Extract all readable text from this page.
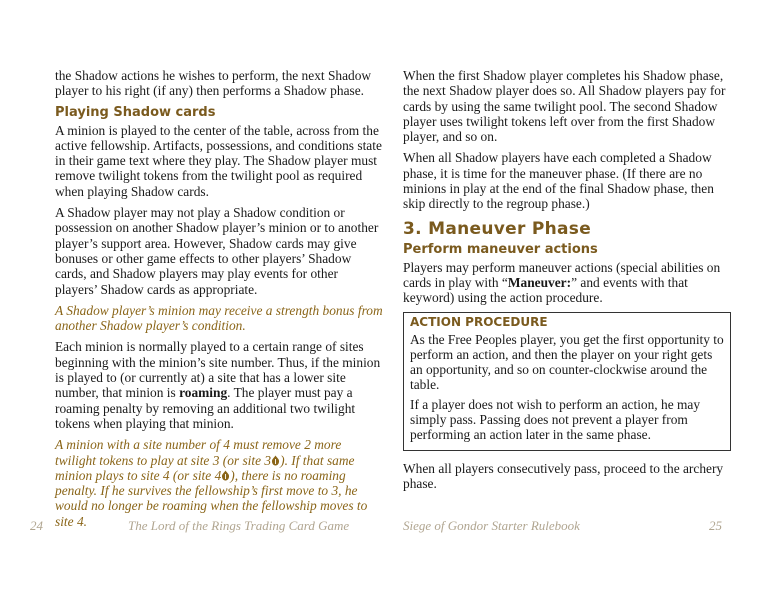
the Shadow actions he wishes to perform, the next Shadow player to his right (if any) then performs a Shadow phase.

Playing Shadow cards

A minion is played to the center of the table, across from the active fellowship. Artifacts, possessions, and conditions state in their game text where they play. The Shadow player must remove twilight tokens from the twilight pool as required when playing Shadow cards.

A Shadow player may not play a Shadow condition or possession on another Shadow player’s minion or to another player’s support area. However, Shadow cards may give bonuses or other game effects to other players’ Shadow cards, and Shadow players may play events for other players’ Shadow cards as appropriate.

A Shadow player’s minion may receive a strength bonus from another Shadow player’s condition.

Each minion is normally played to a certain range of sites beginning with the minion’s site number. Thus, if the minion is played to (or currently at) a site that has a lower site number, that minion is roaming. The player must pay a roaming penalty by removing an additional two twilight tokens when playing that minion.

A minion with a site number of 4 must remove 2 more twilight tokens to play at site 3 (or site 3 ). If that same minion plays to site 4 (or site 4 ), there is no roaming penalty. If he survives the fellowship’s first move to 3, he would no longer be roaming when the fellowship moves to site 4.

When the first Shadow player completes his Shadow phase, the next Shadow player does so. All Shadow players pay for cards by using the same twilight pool. The second Shadow player uses twilight tokens left over from the first Shadow player, and so on.

When all Shadow players have each completed a Shadow phase, it is time for the maneuver phase. (If there are no minions in play at the end of the final Shadow phase, then skip directly to the regroup phase.)

3. Maneuver Phase
Perform maneuver actions

Players may perform maneuver actions (special abilities on cards in play with “Maneuver:” and events with that keyword) using the action procedure.

ACTION PROCEDURE

As the Free Peoples player, you get the first opportunity to perform an action, and then the player on your right gets an opportunity, and so on counter-clockwise around the table.

If a player does not wish to perform an action, he may simply pass. Passing does not prevent a player from performing an action later in the same phase.

When all players consecutively pass, proceed to the archery phase.

24	The Lord of the Rings Trading Card Game	Siege of Gondor Starter Rulebook	25
